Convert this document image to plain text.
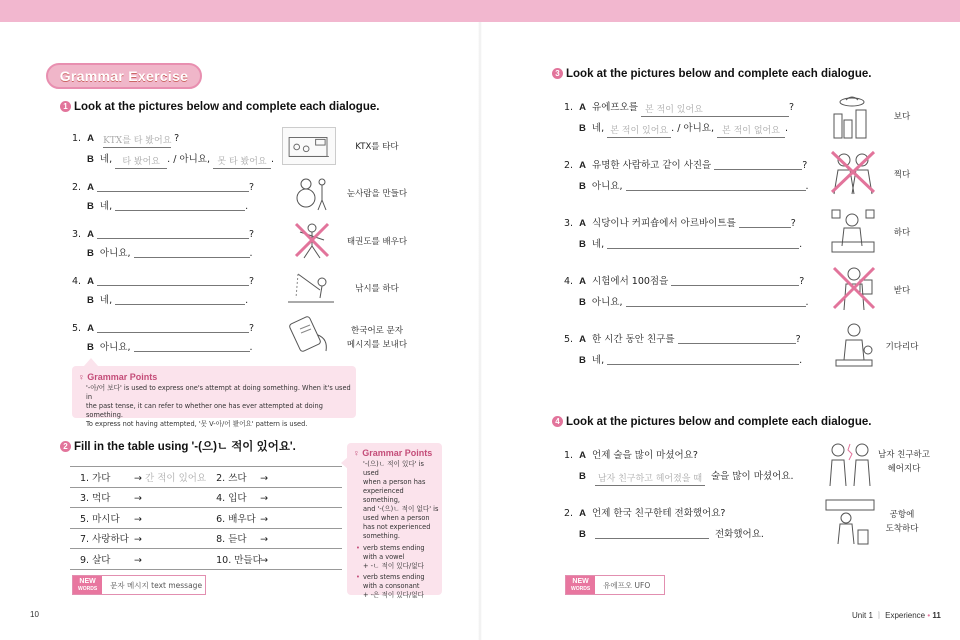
Grammar Exercise
1 Look at the pictures below and complete each dialogue.
1. A KTX를 타 봤어요 ?
B 네, 타 봤어요 . / 아니요, 못 타 봤어요 .
KTX를 타다
2. A	?
B 네,	.
눈사람을 만들다
3. A	?
B 아니요,	.
태권도를 배우다
4. A	?
B 네,	.
낚시를 하다
5. A	?
B 아니요,	.
한국어로 문자
메시지를 보내다
♀ Grammar Points
'-아/어 보다' is used to express one's attempt at doing something. When it's used in
the past tense, it can refer to whether one has ever attempted at doing something.
To express not having attempted, '못 V-아/어 봤어요' pattern is used.
2 Fill in the table using '-(으)ㄴ 적이 있어요'.
1. 가다 → 간 적이 있어요	2. 쓰다 →
3. 먹다 →	4. 입다 →
5. 마시다 →	6. 배우다 →
7. 사랑하다 →	8. 듣다 →
9. 살다 →	10. 만들다→
♀ Grammar Points
'-(으)ㄴ 적이 있다' is used
when a person has
experienced something,
and '-(으)ㄴ 적이 없다' is
used when a person
has not experienced
something.
• verb stems ending
with a vowel
+ -ㄴ 적이 있다/없다
• verb stems ending
with a consonant
+ -은 적이 있다/없다
NEW
WORDS	문자 메시지 text message
10
3 Look at the pictures below and complete each dialogue.
1. A 유에프오를 본 적이 있어요	?
B 네, 본 적이 있어요 . / 아니요, 본 적이 없어요 .
보다
2. A 유명한 사람하고 같이 사진을	?
B 아니요,	.
찍다
3. A 식당이나 커피숍에서 아르바이트를	?
B 네,	.
하다
4. A 시험에서 100점을	?
B 아니요,	.
받다
5. A 한 시간 동안 친구를	?
B 네,	.
기다리다
4 Look at the pictures below and complete each dialogue.
1. A 언제 술을 많이 마셨어요?
B 남자 친구하고 헤어졌을 때 술을 많이 마셨어요.
남자 친구하고
헤어지다
2. A 언제 한국 친구한테 전화했어요?
B	전화했어요.
공항에
도착하다
NEW
WORDS	유에프오 UFO
Unit 1 ㅣ Experience • 11
